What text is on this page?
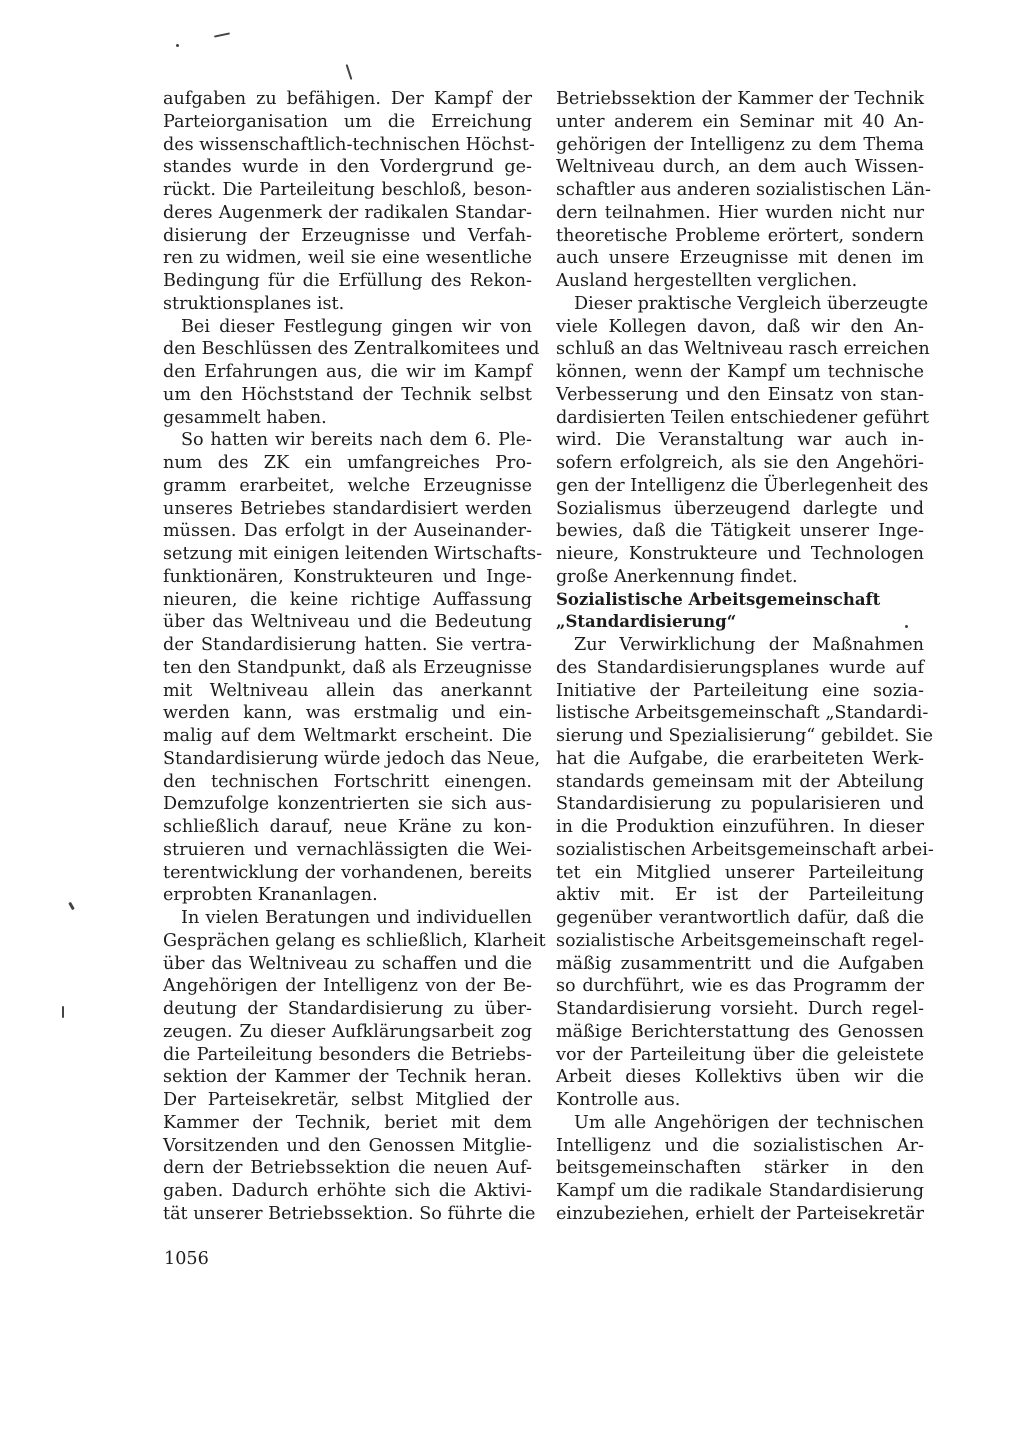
aufgaben zu befähigen. Der Kampf der
Parteiorganisation um die Erreichung
des wissenschaftlich-technischen Höchst-
standes wurde in den Vordergrund ge-
rückt. Die Parteileitung beschloß, beson-
deres Augenmerk der radikalen Standar-
disierung der Erzeugnisse und Verfah-
ren zu widmen, weil sie eine wesentliche
Bedingung für die Erfüllung des Rekon-
struktionsplanes ist.
Bei dieser Festlegung gingen wir von
den Beschlüssen des Zentralkomitees und
den Erfahrungen aus, die wir im Kampf
um den Höchststand der Technik selbst
gesammelt haben.
So hatten wir bereits nach dem 6. Ple-
num des ZK ein umfangreiches Pro-
gramm erarbeitet, welche Erzeugnisse
unseres Betriebes standardisiert werden
müssen. Das erfolgt in der Auseinander-
setzung mit einigen leitenden Wirtschafts-
funktionären, Konstrukteuren und Inge-
nieuren, die keine richtige Auffassung
über das Weltniveau und die Bedeutung
der Standardisierung hatten. Sie vertra-
ten den Standpunkt, daß als Erzeugnisse
mit Weltniveau allein das anerkannt
werden kann, was erstmalig und ein-
malig auf dem Weltmarkt erscheint. Die
Standardisierung würde jedoch das Neue,
den technischen Fortschritt einengen.
Demzufolge konzentrierten sie sich aus-
schließlich darauf, neue Kräne zu kon-
struieren und vernachlässigten die Wei-
terentwicklung der vorhandenen, bereits
erprobten Krananlagen.
In vielen Beratungen und individuellen
Gesprächen gelang es schließlich, Klarheit
über das Weltniveau zu schaffen und die
Angehörigen der Intelligenz von der Be-
deutung der Standardisierung zu über-
zeugen. Zu dieser Aufklärungsarbeit zog
die Parteileitung besonders die Betriebs-
sektion der Kammer der Technik heran.
Der Parteisekretär, selbst Mitglied der
Kammer der Technik, beriet mit dem
Vorsitzenden und den Genossen Mitglie-
dern der Betriebssektion die neuen Auf-
gaben. Dadurch erhöhte sich die Aktivi-
tät unserer Betriebssektion. So führte die
Betriebssektion der Kammer der Technik
unter anderem ein Seminar mit 40 An-
gehörigen der Intelligenz zu dem Thema
Weltniveau durch, an dem auch Wissen-
schaftler aus anderen sozialistischen Län-
dern teilnahmen. Hier wurden nicht nur
theoretische Probleme erörtert, sondern
auch unsere Erzeugnisse mit denen im
Ausland hergestellten verglichen.
Dieser praktische Vergleich überzeugte
viele Kollegen davon, daß wir den An-
schluß an das Weltniveau rasch erreichen
können, wenn der Kampf um technische
Verbesserung und den Einsatz von stan-
dardisierten Teilen entschiedener geführt
wird. Die Veranstaltung war auch in-
sofern erfolgreich, als sie den Angehöri-
gen der Intelligenz die Überlegenheit des
Sozialismus überzeugend darlegte und
bewies, daß die Tätigkeit unserer Inge-
nieure, Konstrukteure und Technologen
große Anerkennung findet.
Sozialistische Arbeitsgemeinschaft
„Standardisierung“
Zur Verwirklichung der Maßnahmen
des Standardisierungsplanes wurde auf
Initiative der Parteileitung eine sozia-
listische Arbeitsgemeinschaft „Standardi-
sierung und Spezialisierung“ gebildet. Sie
hat die Aufgabe, die erarbeiteten Werk-
standards gemeinsam mit der Abteilung
Standardisierung zu popularisieren und
in die Produktion einzuführen. In dieser
sozialistischen Arbeitsgemeinschaft arbei-
tet ein Mitglied unserer Parteileitung
aktiv mit. Er ist der Parteileitung
gegenüber verantwortlich dafür, daß die
sozialistische Arbeitsgemeinschaft regel-
mäßig zusammentritt und die Aufgaben
so durchführt, wie es das Programm der
Standardisierung vorsieht. Durch regel-
mäßige Berichterstattung des Genossen
vor der Parteileitung über die geleistete
Arbeit dieses Kollektivs üben wir die
Kontrolle aus.
Um alle Angehörigen der technischen
Intelligenz und die sozialistischen Ar-
beitsgemeinschaften stärker in den
Kampf um die radikale Standardisierung
einzubeziehen, erhielt der Parteisekretär
1056
